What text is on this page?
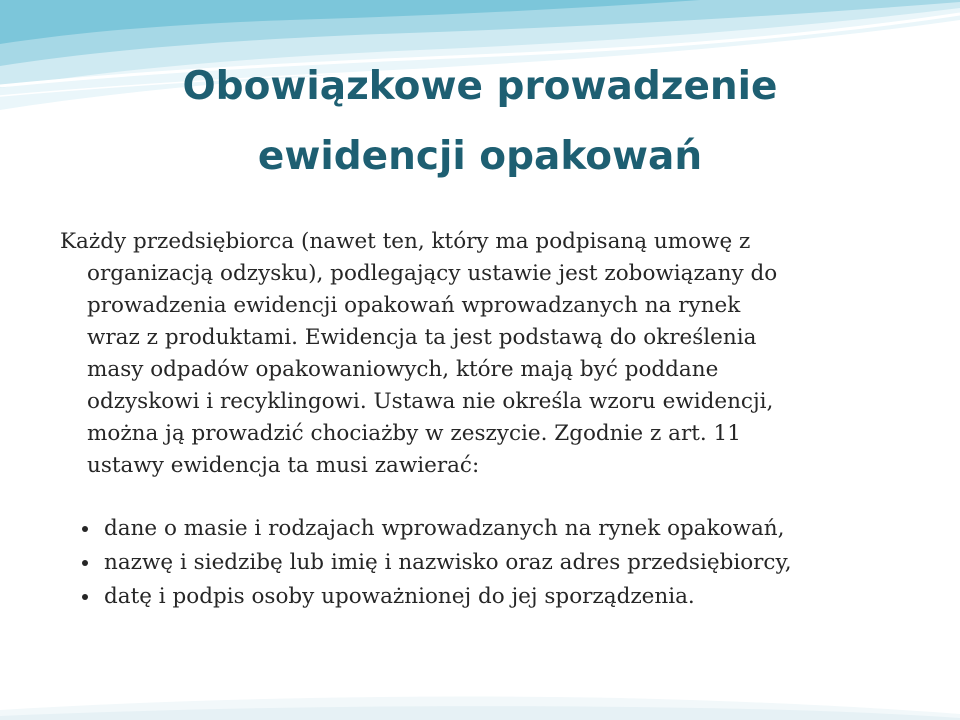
Obowiązkowe prowadzenie
ewidencji opakowań

Każdy przedsiębiorca (nawet ten, który ma podpisaną umowę z
organizacją odzysku), podlegający ustawie jest zobowiązany do
prowadzenia ewidencji opakowań wprowadzanych na rynek
wraz z produktami. Ewidencja ta jest podstawą do określenia
masy odpadów opakowaniowych, które mają być poddane
odzyskowi i recyklingowi. Ustawa nie określa wzoru ewidencji,
można ją prowadzić chociażby w zeszycie. Zgodnie z art. 11
ustawy ewidencja ta musi zawierać:

dane o masie i rodzajach wprowadzanych na rynek opakowań,
nazwę i siedzibę lub imię i nazwisko oraz adres przedsiębiorcy,
datę i podpis osoby upoważnionej do jej sporządzenia.
